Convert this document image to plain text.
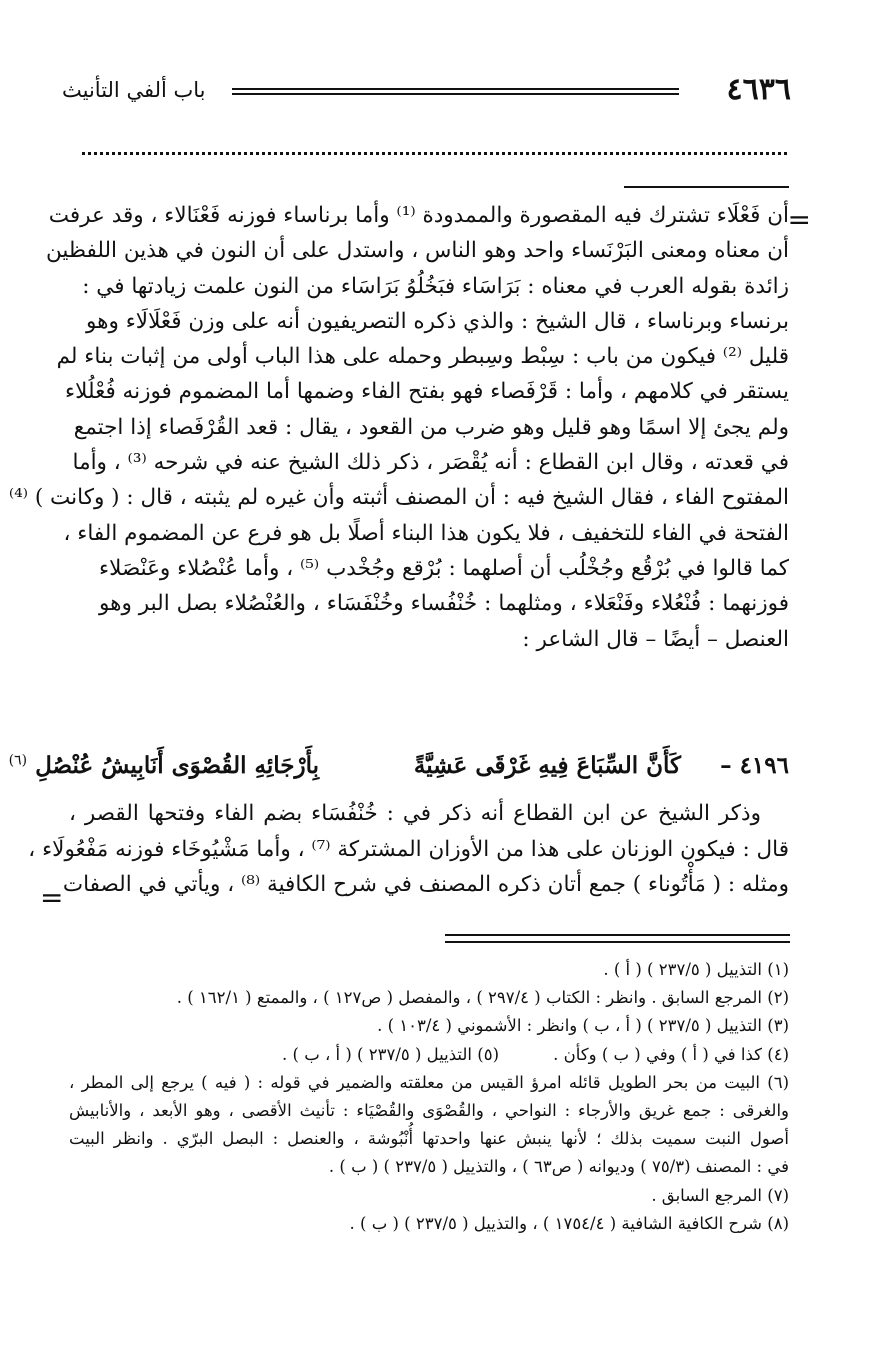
٤٦٣٦
باب ألفي التأنيث
=
أن فَعْلَاء تشترك فيه المقصورة والممدودة ⁽¹⁾ وأما برناساء فوزنه فَعْنَالاء ، وقد عرفت
أن معناه ومعنى البَرْنَساء واحد وهو الناس ، واستدل على أن النون في هذين اللفظين
زائدة بقوله العرب في معناه : بَرَاسَاء فبَخُلُوُ بَرَاسَاء من النون علمت زيادتها في :
برنساء وبرناساء ، قال الشيخ : والذي ذكره التصريفيون أنه على وزن فَعْلَالَاء وهو
قليل ⁽²⁾ فيكون من باب : سِبْط وسِبطر وحمله على هذا الباب أولى من إثبات بناء لم
يستقر في كلامهم ، وأما : قَرْفَصاء فهو بفتح الفاء وضمها أما المضموم فوزنه فُعْلُلاء
ولم يجئ إلا اسمًا وهو قليل وهو ضرب من القعود ، يقال : قعد القُرْفَصاء إذا اجتمع
في قعدته ، وقال ابن القطاع : أنه يُقْصَر ، ذكر ذلك الشيخ عنه في شرحه ⁽³⁾ ، وأما
المفتوح الفاء ، فقال الشيخ فيه : أن المصنف أثبته وأن غيره لم يثبته ، قال : ( وكانت ) ⁽⁴⁾
الفتحة في الفاء للتخفيف ، فلا يكون هذا البناء أصلًا بل هو فرع عن المضموم الفاء ،
كما قالوا في بُرْقُع وجُخْلُب أن أصلهما : بُرْقع وجُخْدب ⁽⁵⁾ ، وأما عُنْصُلاء وعَنْصَلاء
فوزنهما : فُنْعُلاء وفَنْعَلاء ، ومثلهما : خُنْفُساء وخُنْفَسَاء ، والعُنْصُلاء بصل البر وهو
العنصل – أيضًا – قال الشاعر :
٤١٩٦ –
كَأَنَّ السِّبَاعَ فِيهِ غَرْقَى عَشِيَّةً
بِأَرْجَائِهِ القُصْوَى أَنَابِيشُ عُنْصُلِ $^{(٦)}$
وذكر الشيخ عن ابن القطاع أنه ذكر في : خُنْفُسَاء بضم الفاء وفتحها القصر ،
قال : فيكون الوزنان على هذا من الأوزان المشتركة ⁽⁷⁾ ، وأما مَشْيُوخَاء فوزنه مَفْعُولَاء ،
ومثله : ( مَأْتُوناء ) جمع أتان ذكره المصنف في شرح الكافية ⁽⁸⁾ ، ويأتي في الصفات
=
(١) التذييل ( ٢٣٧/٥ ) ( أ ) .
(٢) المرجع السابق . وانظر : الكتاب ( ٢٩٧/٤ ) ، والمفصل ( ص١٢٧ ) ، والممتع ( ١٦٢/١ ) .
(٣) التذييل ( ٢٣٧/٥ ) ( أ ، ب ) وانظر : الأشموني ( ١٠٣/٤ ) .
(٤) كذا في ( أ ) وفي ( ب ) وكأن .(٥) التذييل ( ٢٣٧/٥ ) ( أ ، ب ) .
(٦) البيت من بحر الطويل قائله امرؤ القيس من معلقته والضمير في قوله : ( فيه ) يرجع إلى المطر ،
والغرقى : جمع غريق والأرجاء : النواحي ، والقُصْوَى والقُصْيَاء : تأنيث الأقصى ، وهو الأبعد ، والأنابيش
أصول النبت سميت بذلك ؛ لأنها ينبش عنها واحدتها أُنْبُوشة ، والعنصل : البصل البرّي . وانظر البيت
في : المصنف (٧٥/٣ ) وديوانه ( ص٦٣ ) ، والتذييل ( ٢٣٧/٥ ) ( ب ) .
(٧) المرجع السابق .
(٨) شرح الكافية الشافية ( ١٧٥٤/٤ ) ، والتذييل ( ٢٣٧/٥ ) ( ب ) .
